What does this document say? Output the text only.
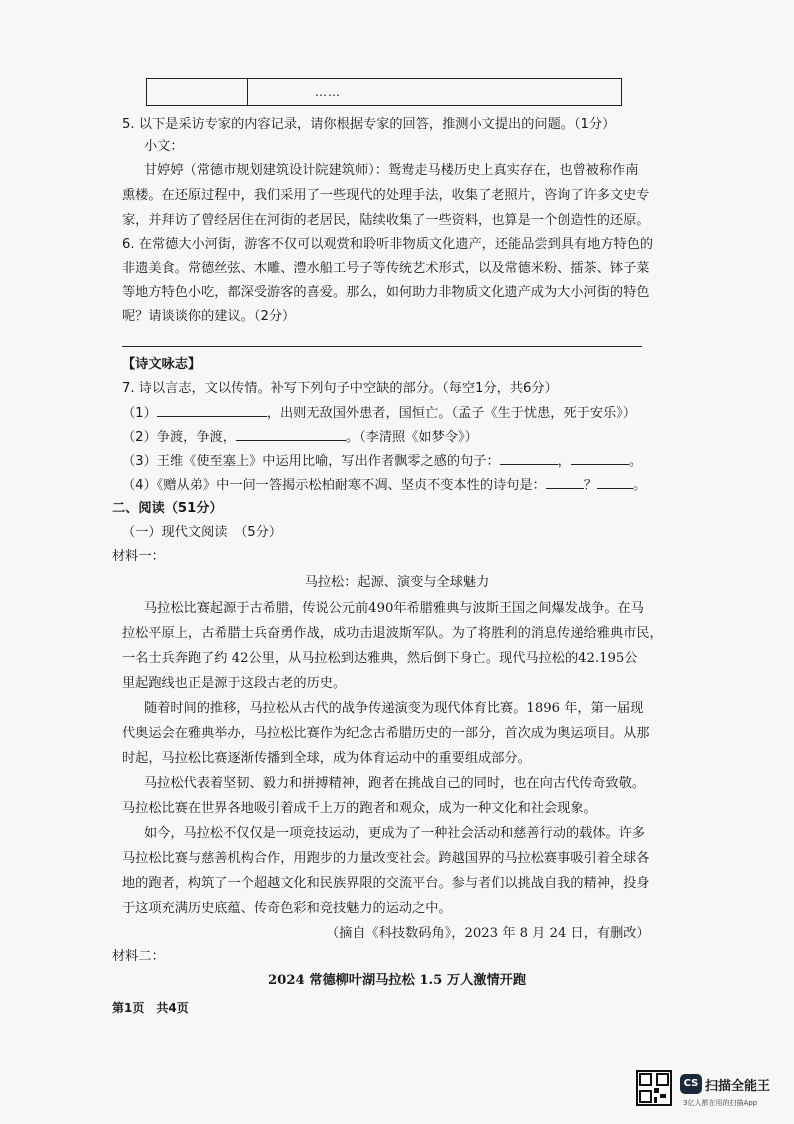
……
5. 以下是采访专家的内容记录，请你根据专家的回答，推测小文提出的问题。（1分）
小文：
甘婷婷（常德市规划建筑设计院建筑师）：鸳鸯走马楼历史上真实存在，也曾被称作南
熏楼。在还原过程中，我们采用了一些现代的处理手法，收集了老照片，咨询了许多文史专
家，并拜访了曾经居住在河街的老居民，陆续收集了一些资料，也算是一个创造性的还原。
6. 在常德大小河街，游客不仅可以观赏和聆听非物质文化遗产，还能品尝到具有地方特色的
非遗美食。常德丝弦、木雕、澧水船工号子等传统艺术形式，以及常德米粉、擂茶、钵子菜
等地方特色小吃，都深受游客的喜爱。那么，如何助力非物质文化遗产成为大小河街的特色
呢？请谈谈你的建议。（2分）
【诗文咏志】
7. 诗以言志，文以传情。补写下列句子中空缺的部分。（每空1分，共6分）
（1）	，出则无敌国外患者，国恒亡。（孟子《生于忧患，死于安乐》）
（2）争渡，争渡，	。（李清照《如梦令》）
（3）王维《使至塞上》中运用比喻，写出作者飘零之感的句子：	，	。
（4）《赠从弟》中一问一答揭示松柏耐寒不凋、坚贞不变本性的诗句是：	？	。
二、阅读（51分）
（一）现代文阅读　（5分）
材料一：
马拉松：起源、演变与全球魅力
马拉松比赛起源于古希腊，传说公元前490年希腊雅典与波斯王国之间爆发战争。在马
拉松平原上，古希腊士兵奋勇作战，成功击退波斯军队。为了将胜利的消息传递给雅典市民，
一名士兵奔跑了约 42公里，从马拉松到达雅典，然后倒下身亡。现代马拉松的42.195公
里起跑线也正是源于这段古老的历史。
随着时间的推移，马拉松从古代的战争传递演变为现代体育比赛。1896 年，第一届现
代奥运会在雅典举办，马拉松比赛作为纪念古希腊历史的一部分，首次成为奥运项目。从那
时起，马拉松比赛逐渐传播到全球，成为体育运动中的重要组成部分。
马拉松代表着坚韧、毅力和拼搏精神，跑者在挑战自己的同时，也在向古代传奇致敬。
马拉松比赛在世界各地吸引着成千上万的跑者和观众，成为一种文化和社会现象。
如今，马拉松不仅仅是一项竞技运动，更成为了一种社会活动和慈善行动的载体。许多
马拉松比赛与慈善机构合作，用跑步的力量改变社会。跨越国界的马拉松赛事吸引着全球各
地的跑者，构筑了一个超越文化和民族界限的交流平台。参与者们以挑战自我的精神，投身
于这项充满历史底蕴、传奇色彩和竞技魅力的运动之中。
（摘自《科技数码角》，2023 年 8 月 24 日，有删改）
材料二：
2024 常德柳叶湖马拉松 1.5 万人激情开跑
第1页　共4页
CS 扫描全能王
3亿人都在用的扫描App
